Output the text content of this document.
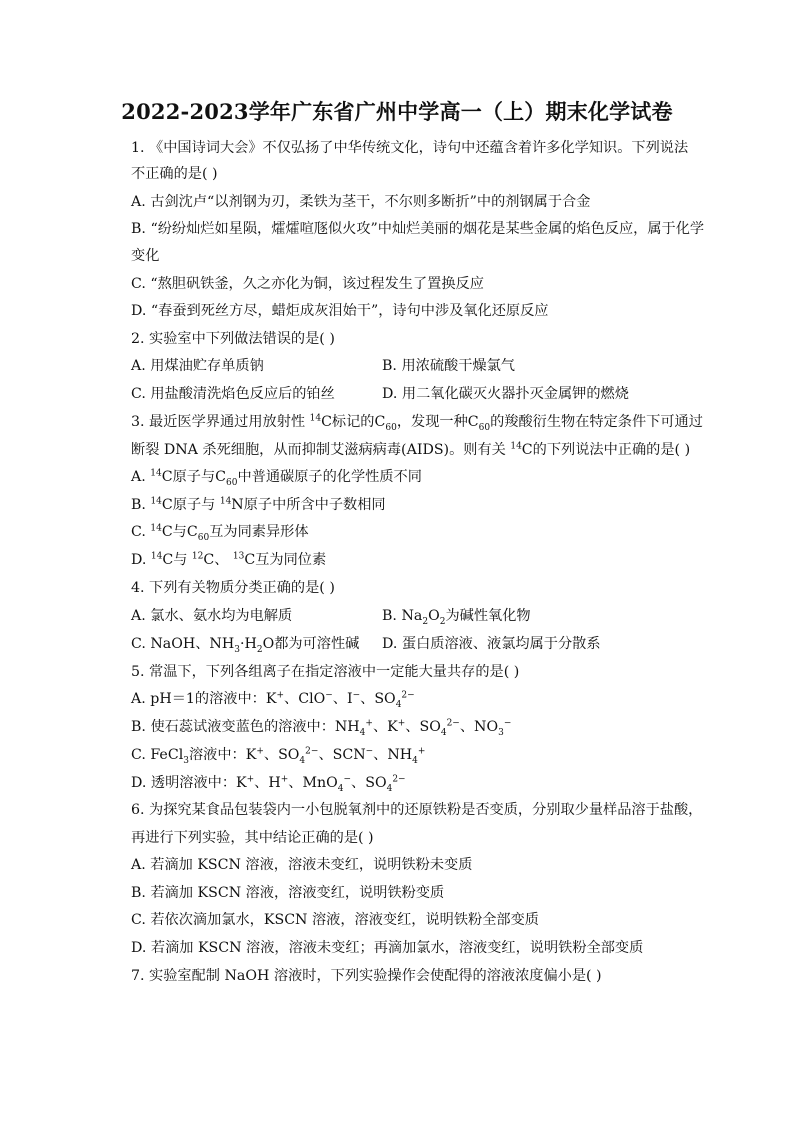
2022-2023学年广东省广州中学高一（上）期末化学试卷
1. 《中国诗词大会》不仅弘扬了中华传统文化，诗句中还蕴含着许多化学知识。下列说法
不正确的是( )
A. 古剑沈卢“以剂钢为刃，柔铁为茎干，不尔则多断折”中的剂钢属于合金
B. “纷纷灿烂如星陨，㸌㸌喧豗似火攻”中灿烂美丽的烟花是某些金属的焰色反应，属于化学
变化
C. “熬胆矾铁釜，久之亦化为铜，该过程发生了置换反应
D. “春蚕到死丝方尽，蜡炬成灰泪始干”，诗句中涉及氧化还原反应
2. 实验室中下列做法错误的是( )
A. 用煤油贮存单质钠	B. 用浓硫酸干燥氯气
C. 用盐酸清洗焰色反应后的铂丝	D. 用二氧化碳灭火器扑灭金属钾的燃烧
3. 最近医学界通过用放射性 $^{14}$C标记的$C_{60}$，发现一种$C_{60}$的羧酸衍生物在特定条件下可通过
断裂 DNA 杀死细胞，从而抑制艾滋病病毒(AIDS)。则有关 $^{14}$C的下列说法中正确的是( )
A. $^{14}$C原子与$C_{60}$中普通碳原子的化学性质不同
B. $^{14}$C原子与 $^{14}$N原子中所含中子数相同
C. $^{14}$C与$C_{60}$互为同素异形体
D. $^{14}$C与 $^{12}$C、 $^{13}$C互为同位素
4. 下列有关物质分类正确的是( )
A. 氯水、氨水均为电解质	B. $Na_2O_2$为碱性氧化物
C. NaOH、$NH_3\cdot H_2O$都为可溶性碱 D. 蛋白质溶液、液氯均属于分散系
5. 常温下，下列各组离子在指定溶液中一定能大量共存的是( )
A. pH＝1的溶液中：K+、ClO−、I−、$SO_4^{2-}$
B. 使石蕊试液变蓝色的溶液中：$NH_4^+$、K+、$SO_4^{2-}$、$NO_3^-$
C. FeCl$_3$溶液中：K+、$SO_4^{2-}$、SCN−、$NH_4^+$
D. 透明溶液中：K+、H+、MnO$_4$−、$SO_4^{2-}$
6. 为探究某食品包装袋内一小包脱氧剂中的还原铁粉是否变质，分别取少量样品溶于盐酸，
再进行下列实验，其中结论正确的是( )
A. 若滴加 KSCN 溶液，溶液未变红，说明铁粉未变质
B. 若滴加 KSCN 溶液，溶液变红，说明铁粉变质
C. 若依次滴加氯水，KSCN 溶液，溶液变红，说明铁粉全部变质
D. 若滴加 KSCN 溶液，溶液未变红；再滴加氯水，溶液变红，说明铁粉全部变质
7. 实验室配制 NaOH 溶液时，下列实验操作会使配得的溶液浓度偏小是( )
